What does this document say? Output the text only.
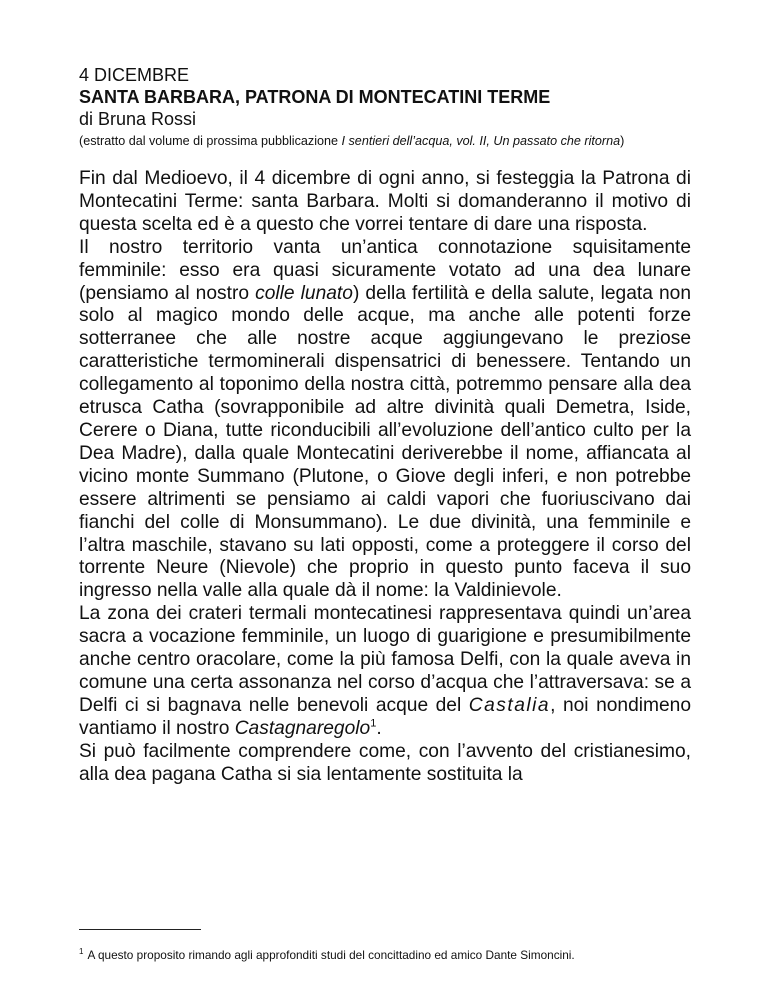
4 DICEMBRE
SANTA BARBARA, PATRONA DI MONTECATINI TERME
di Bruna Rossi
(estratto dal volume di prossima pubblicazione I sentieri dell’acqua, vol. II, Un passato che ritorna)

Fin dal Medioevo, il 4 dicembre di ogni anno, si festeggia la Patrona di Montecatini Terme: santa Barbara. Molti si domanderanno il motivo di questa scelta ed è a questo che vorrei tentare di dare una risposta.

Il nostro territorio vanta un’antica connotazione squisitamente femminile: esso era quasi sicuramente votato ad una dea lunare (pensiamo al nostro colle lunato) della fertilità e della salute, legata non solo al magico mondo delle acque, ma anche alle potenti forze sotterranee che alle nostre acque aggiungevano le preziose caratteristiche termominerali dispensatrici di benessere. Tentando un collegamento al toponimo della nostra città, potremmo pensare alla dea etrusca Catha (sovrapponibile ad altre divinità quali Demetra, Iside, Cerere o Diana, tutte riconducibili all’evoluzione dell’antico culto per la Dea Madre), dalla quale Montecatini deriverebbe il nome, affiancata al vicino monte Summano (Plutone, o Giove degli inferi, e non potrebbe essere altrimenti se pensiamo ai caldi vapori che fuoriuscivano dai fianchi del colle di Monsummano). Le due divinità, una femminile e l’altra maschile, stavano su lati opposti, come a proteggere il corso del torrente Neure (Nievole) che proprio in questo punto faceva il suo ingresso nella valle alla quale dà il nome: la Valdinievole.

La zona dei crateri termali montecatinesi rappresentava quindi un’area sacra a vocazione femminile, un luogo di guarigione e presumibilmente anche centro oracolare, come la più famosa Delfi, con la quale aveva in comune una certa assonanza nel corso d’acqua che l’attraversava: se a Delfi ci si bagnava nelle benevoli acque del Castalia, noi nondimeno vantiamo il nostro Castagnaregolo$^1$.

Si può facilmente comprendere come, con l’avvento del cristianesimo, alla dea pagana Catha si sia lentamente sostituita la

$^1$ A questo proposito rimando agli approfonditi studi del concittadino ed amico Dante Simoncini.
